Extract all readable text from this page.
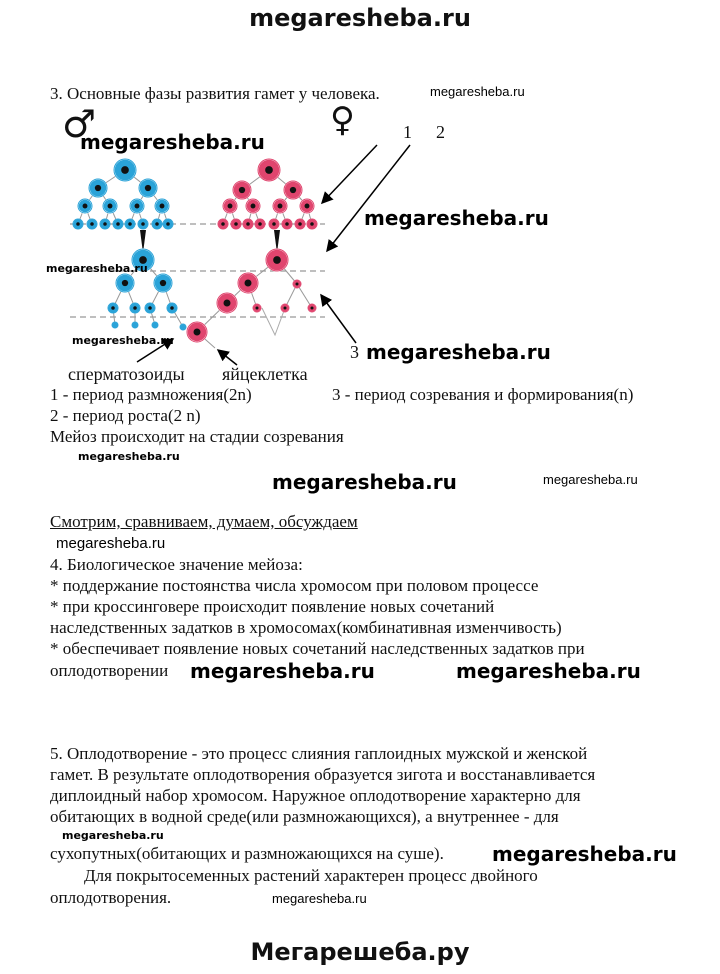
megaresheba.ru
3. Основные фазы развития гамет у человека.	megaresheba.ru
♂	♀	1 2
3
megaresheba.ru
megaresheba.ru
megaresheba.ru
megaresheba.ru	megaresheba.ru
сперматозоиды яйцеклетка
1 - период размножения(2n)	3 - период созревания и формирования(n)
2 - период роста(2 n)
Мейоз происходит на стадии созревания
megaresheba.ru
megaresheba.ru	megaresheba.ru
Смотрим, сравниваем, думаем, обсуждаем
megaresheba.ru
4. Биологическое значение мейоза:
* поддержание постоянства числа хромосом при половом процессе
* при кроссинговере происходит появление новых сочетаний
наследственных задатков в хромосомах(комбинативная изменчивость)
* обеспечивает появление новых сочетаний наследственных задатков при
оплодотворении megaresheba.ru	megaresheba.ru
5. Оплодотворение - это процесс слияния гаплоидных мужской и женской
гамет. В результате оплодотворения образуется зигота и восстанавливается
диплоидный набор хромосом. Наружное оплодотворение характерно для
обитающих в водной среде(или размножающихся), а внутреннее - для
megaresheba.ru
сухопутных(обитающих и размножающихся на суше). megaresheba.ru
Для покрытосеменных растений характерен процесс двойного
оплодотворения.	megaresheba.ru
Мегарешеба.ру
